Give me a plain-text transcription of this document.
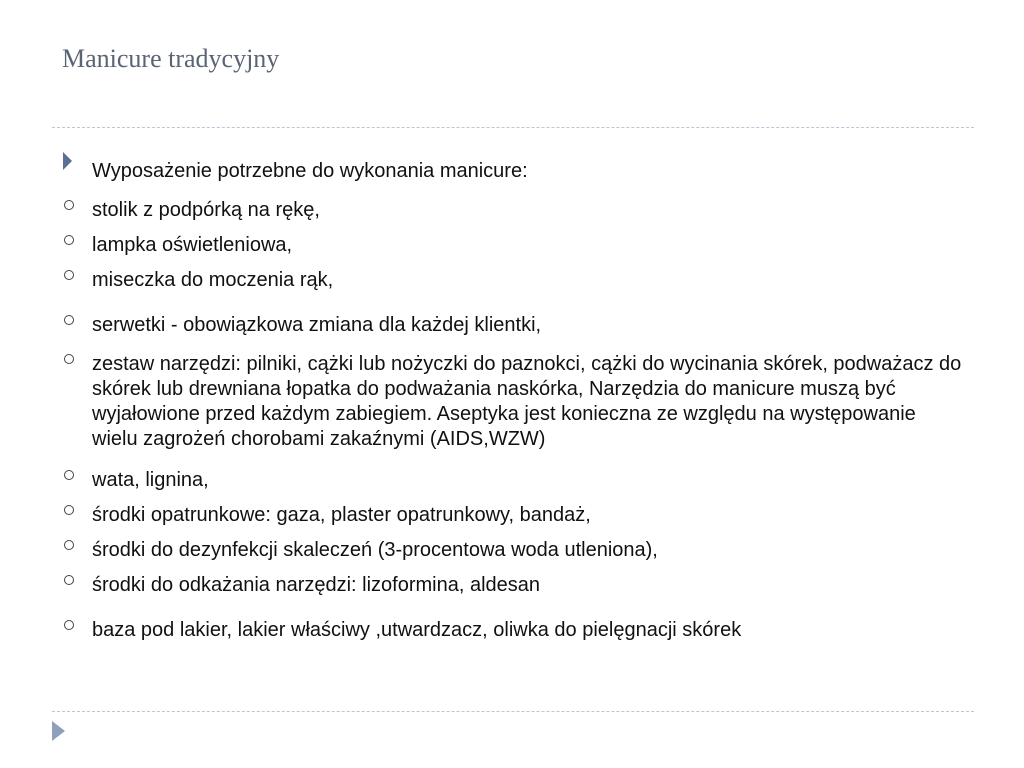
Manicure tradycyjny
Wyposażenie potrzebne do wykonania manicure:
stolik z podpórką na rękę,
lampka oświetleniowa,
miseczka do moczenia rąk,
serwetki - obowiązkowa zmiana dla każdej klientki,
zestaw narzędzi: pilniki, cążki lub nożyczki do paznokci, cążki do wycinania skórek, podważacz do skórek lub drewniana łopatka do podważania naskórka, Narzędzia do manicure muszą być wyjałowione przed każdym zabiegiem. Aseptyka jest konieczna ze względu na występowanie wielu zagrożeń chorobami zakaźnymi (AIDS,WZW)
wata, lignina,
środki opatrunkowe: gaza, plaster opatrunkowy, bandaż,
środki do dezynfekcji skaleczeń (3-procentowa woda utleniona),
środki do odkażania narzędzi: lizoformina, aldesan
baza pod lakier, lakier właściwy ,utwardzacz, oliwka do pielęgnacji skórek
